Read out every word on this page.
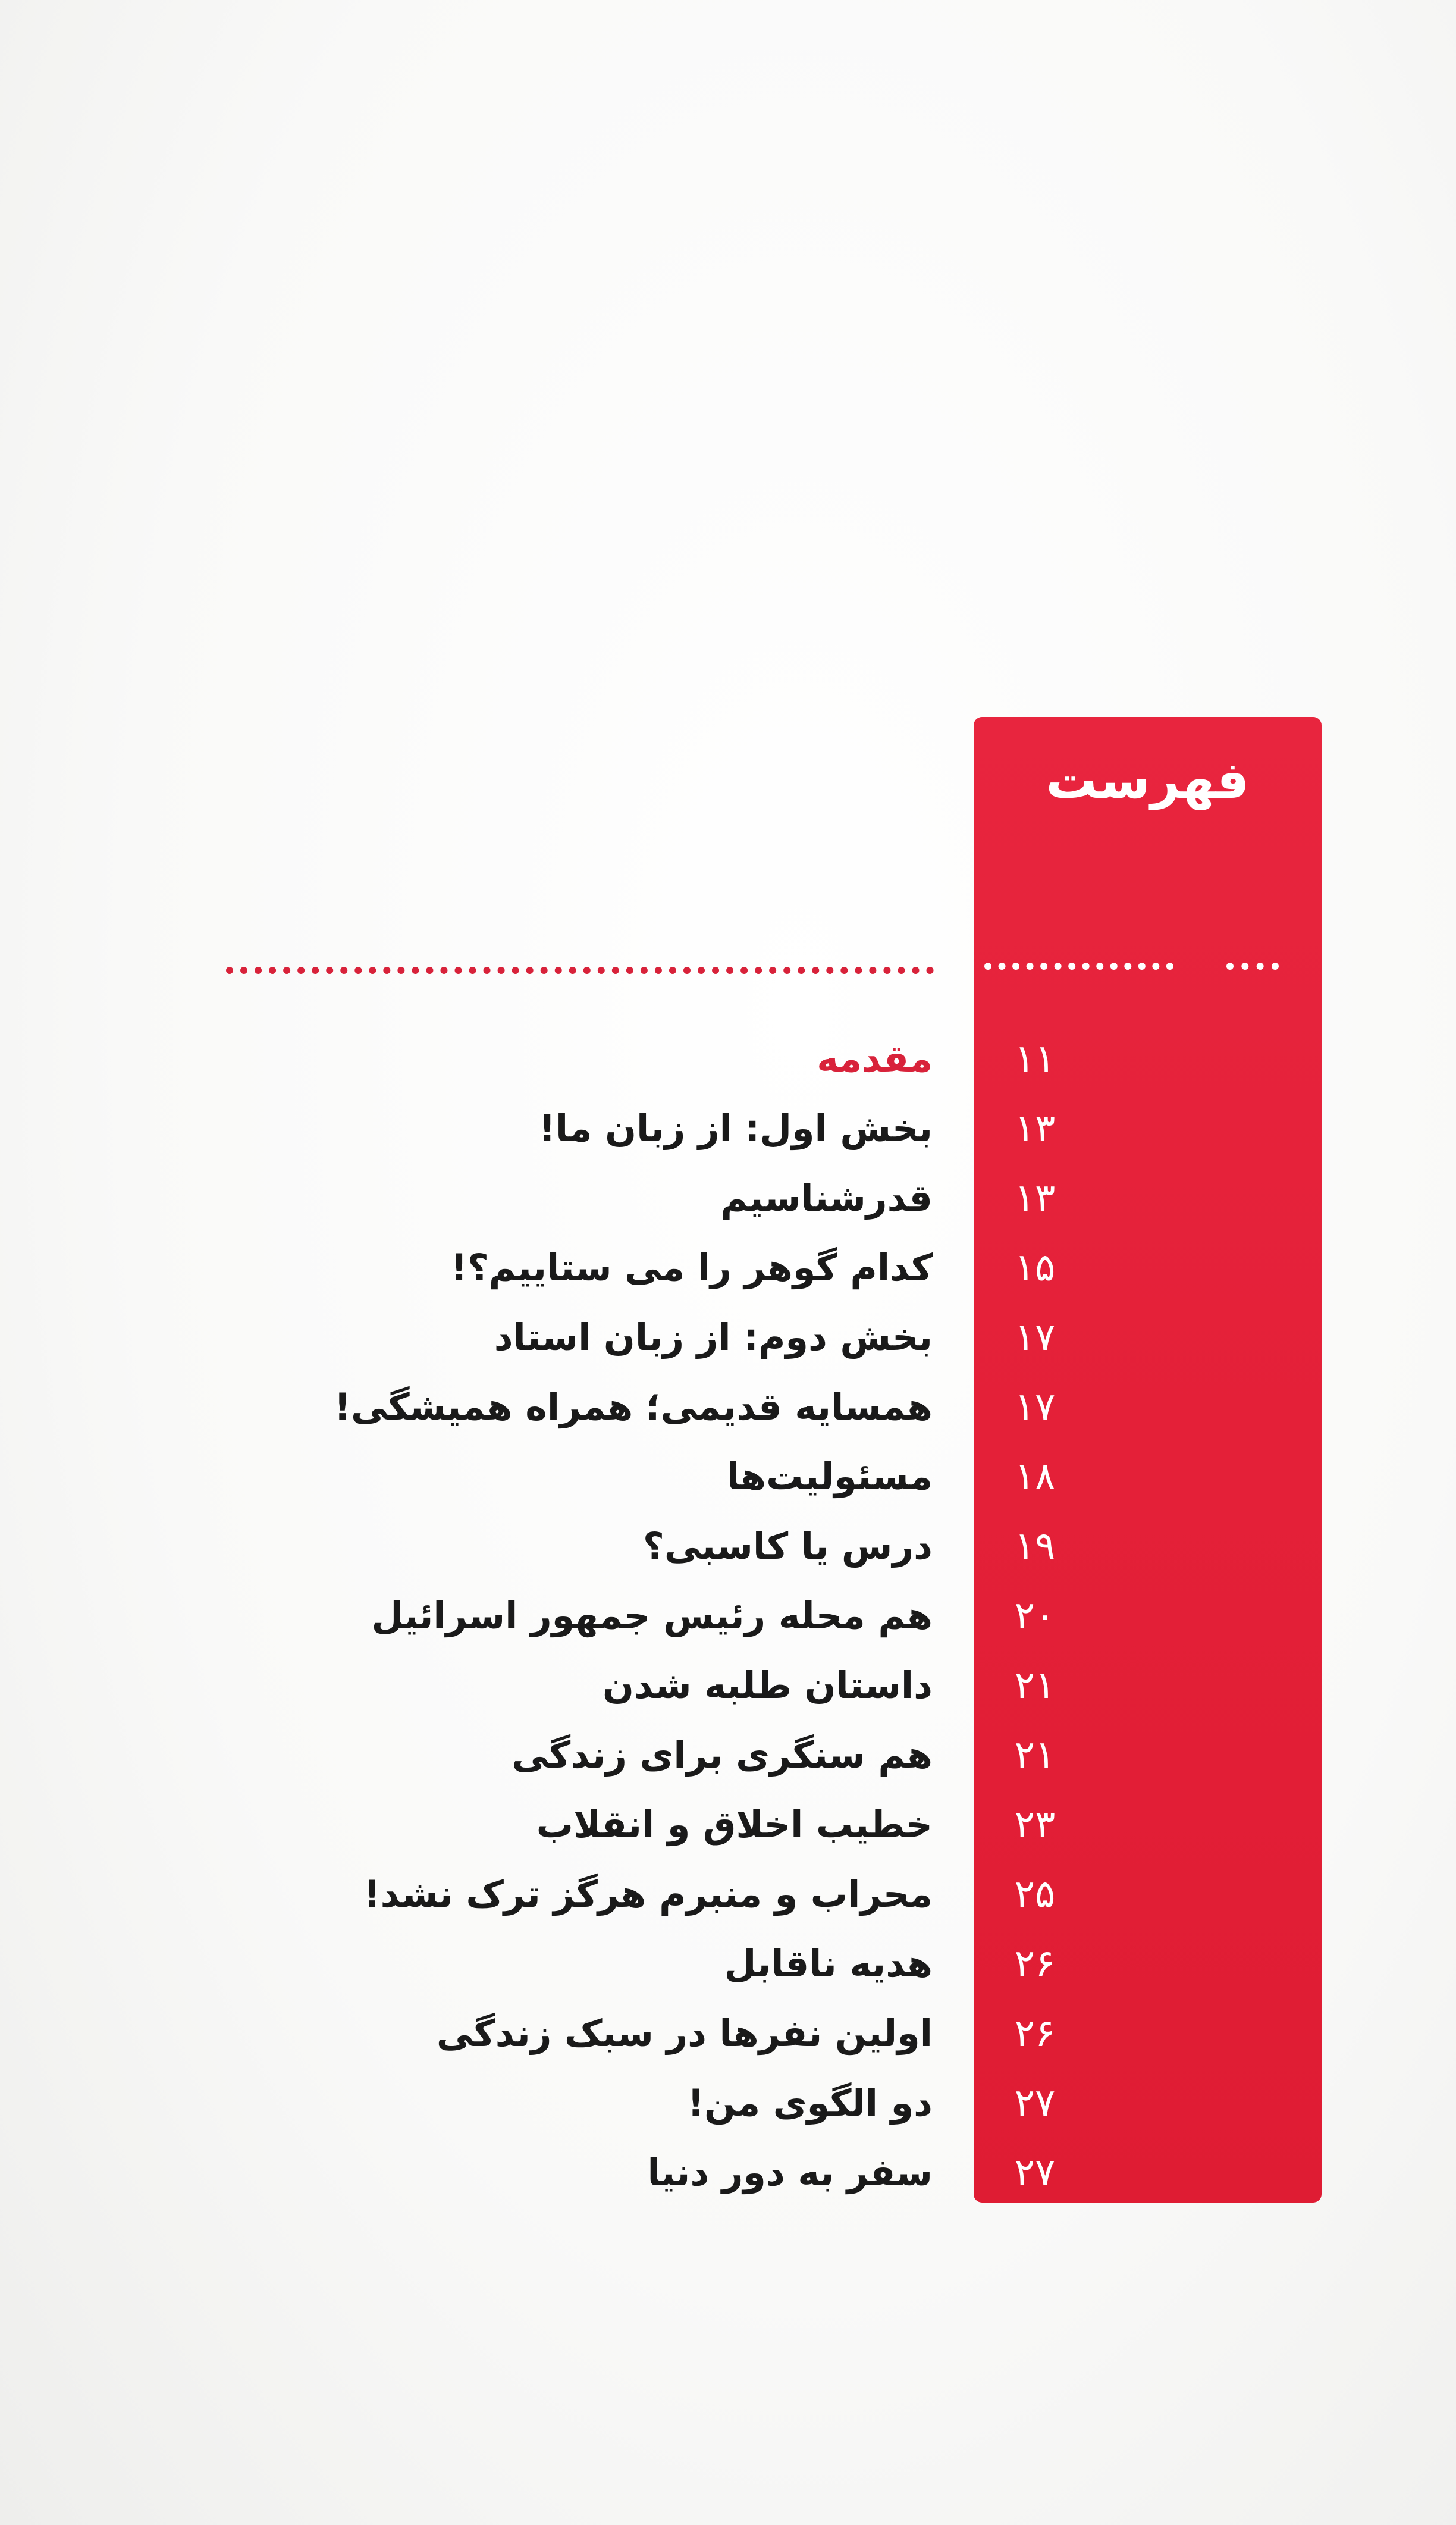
فهرست
مقدمه	۱۱
بخش اول: از زبان ما!	۱۳
قدرشناسیم	۱۳
کدام گوهر را می ستاییم؟!	۱۵
بخش دوم: از زبان استاد	۱۷
همسایه قدیمی؛ همراه همیشگی!	۱۷
مسئولیت‌ها	۱۸
درس یا کاسبی؟	۱۹
هم محله رئیس جمهور اسرائیل	۲۰
داستان طلبه شدن	۲۱
هم سنگری برای زندگی	۲۱
خطیب اخلاق و انقلاب	۲۳
محراب و منبرم هرگز ترک نشد!	۲۵
هدیه ناقابل	۲۶
اولین نفرها در سبک زندگی	۲۶
دو الگوی من!	۲۷
سفر به دور دنیا	۲۷
